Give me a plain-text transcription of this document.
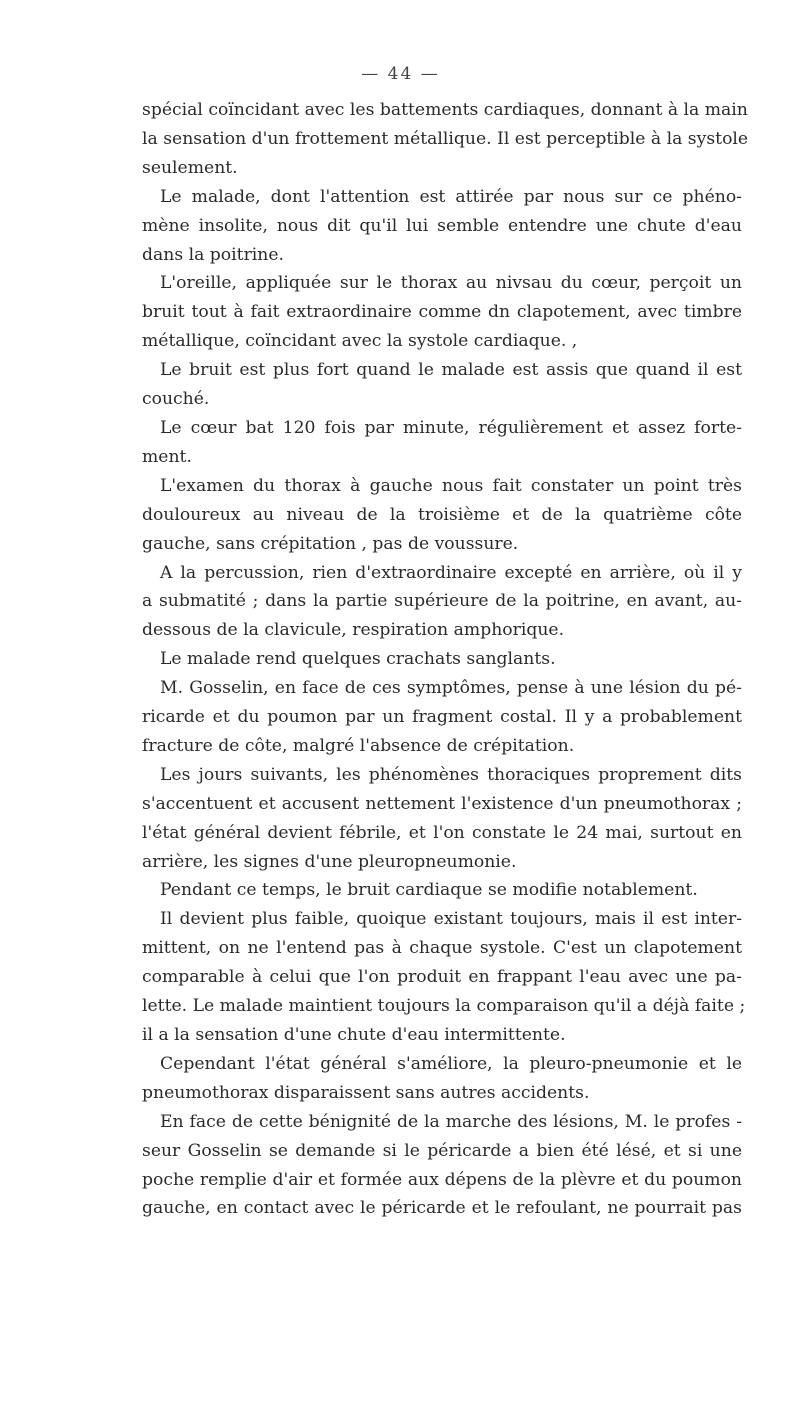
— 44 —
spécial coïncidant avec les battements cardiaques, donnant à la main
la sensation d'un frottement métallique. Il est perceptible à la systole
seulement.
Le malade, dont l'attention est attirée par nous sur ce phéno-
mène insolite, nous dit qu'il lui semble entendre une chute d'eau
dans la poitrine.
L'oreille, appliquée sur le thorax au nivsau du cœur, perçoit un
bruit tout à fait extraordinaire comme dn clapotement, avec timbre
métallique, coïncidant avec la systole cardiaque. ,
Le bruit est plus fort quand le malade est assis que quand il est
couché.
Le cœur bat 120 fois par minute, régulièrement et assez forte-
ment.
L'examen du thorax à gauche nous fait constater un point très
douloureux au niveau de la troisième et de la quatrième côte
gauche, sans crépitation , pas de voussure.
A la percussion, rien d'extraordinaire excepté en arrière, où il y
a submatité ; dans la partie supérieure de la poitrine, en avant, au-
dessous de la clavicule, respiration amphorique.
Le malade rend quelques crachats sanglants.
M. Gosselin, en face de ces symptômes, pense à une lésion du pé-
ricarde et du poumon par un fragment costal. Il y a probablement
fracture de côte, malgré l'absence de crépitation.
Les jours suivants, les phénomènes thoraciques proprement dits
s'accentuent et accusent nettement l'existence d'un pneumothorax ;
l'état général devient fébrile, et l'on constate le 24 mai, surtout en
arrière, les signes d'une pleuropneumonie.
Pendant ce temps, le bruit cardiaque se modifie notablement.
Il devient plus faible, quoique existant toujours, mais il est inter-
mittent, on ne l'entend pas à chaque systole. C'est un clapotement
comparable à celui que l'on produit en frappant l'eau avec une pa-
lette. Le malade maintient toujours la comparaison qu'il a déjà faite ;
il a la sensation d'une chute d'eau intermittente.
Cependant l'état général s'améliore, la pleuro-pneumonie et le
pneumothorax disparaissent sans autres accidents.
En face de cette bénignité de la marche des lésions, M. le profes -
seur Gosselin se demande si le péricarde a bien été lésé, et si une
poche remplie d'air et formée aux dépens de la plèvre et du poumon
gauche, en contact avec le péricarde et le refoulant, ne pourrait pas
